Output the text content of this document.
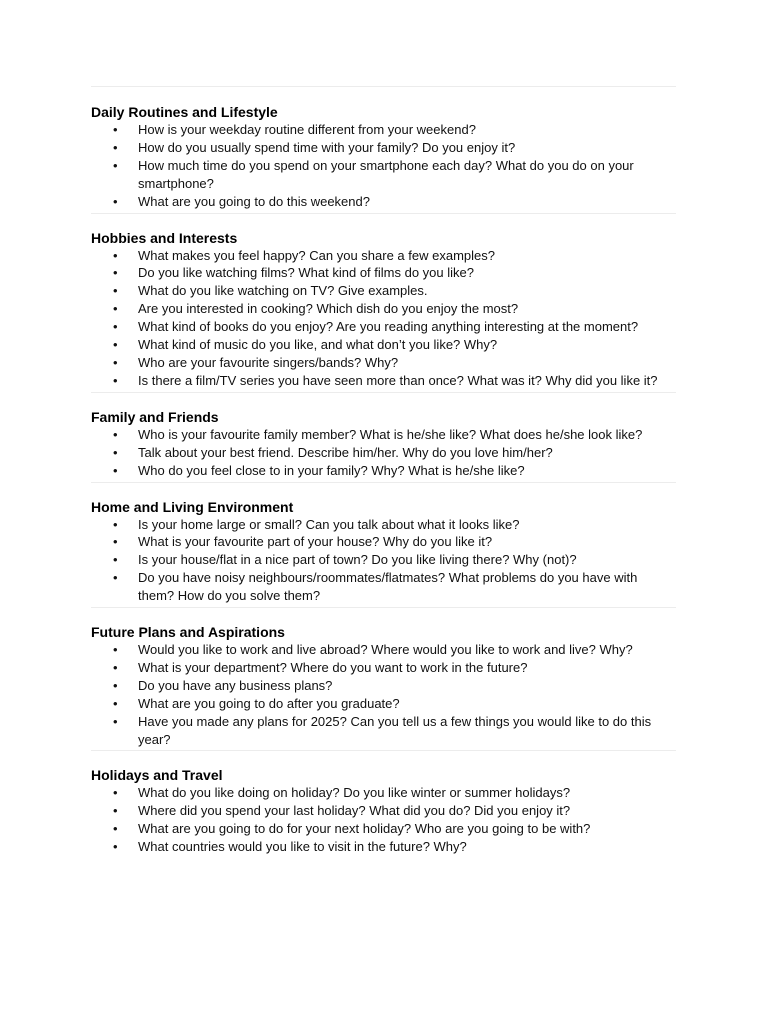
Daily Routines and Lifestyle
• How is your weekday routine different from your weekend?
• How do you usually spend time with your family? Do you enjoy it?
• How much time do you spend on your smartphone each day? What do you do on your smartphone?
• What are you going to do this weekend?
Hobbies and Interests
• What makes you feel happy? Can you share a few examples?
• Do you like watching films? What kind of films do you like?
• What do you like watching on TV? Give examples.
• Are you interested in cooking? Which dish do you enjoy the most?
• What kind of books do you enjoy? Are you reading anything interesting at the moment?
• What kind of music do you like, and what don’t you like? Why?
• Who are your favourite singers/bands? Why?
• Is there a film/TV series you have seen more than once? What was it? Why did you like it?
Family and Friends
• Who is your favourite family member? What is he/she like? What does he/she look like?
• Talk about your best friend. Describe him/her. Why do you love him/her?
• Who do you feel close to in your family? Why? What is he/she like?
Home and Living Environment
• Is your home large or small? Can you talk about what it looks like?
• What is your favourite part of your house? Why do you like it?
• Is your house/flat in a nice part of town? Do you like living there? Why (not)?
• Do you have noisy neighbours/roommates/flatmates? What problems do you have with them? How do you solve them?
Future Plans and Aspirations
• Would you like to work and live abroad? Where would you like to work and live? Why?
• What is your department? Where do you want to work in the future?
• Do you have any business plans?
• What are you going to do after you graduate?
• Have you made any plans for 2025? Can you tell us a few things you would like to do this year?
Holidays and Travel
• What do you like doing on holiday? Do you like winter or summer holidays?
• Where did you spend your last holiday? What did you do? Did you enjoy it?
• What are you going to do for your next holiday? Who are you going to be with?
• What countries would you like to visit in the future? Why?
